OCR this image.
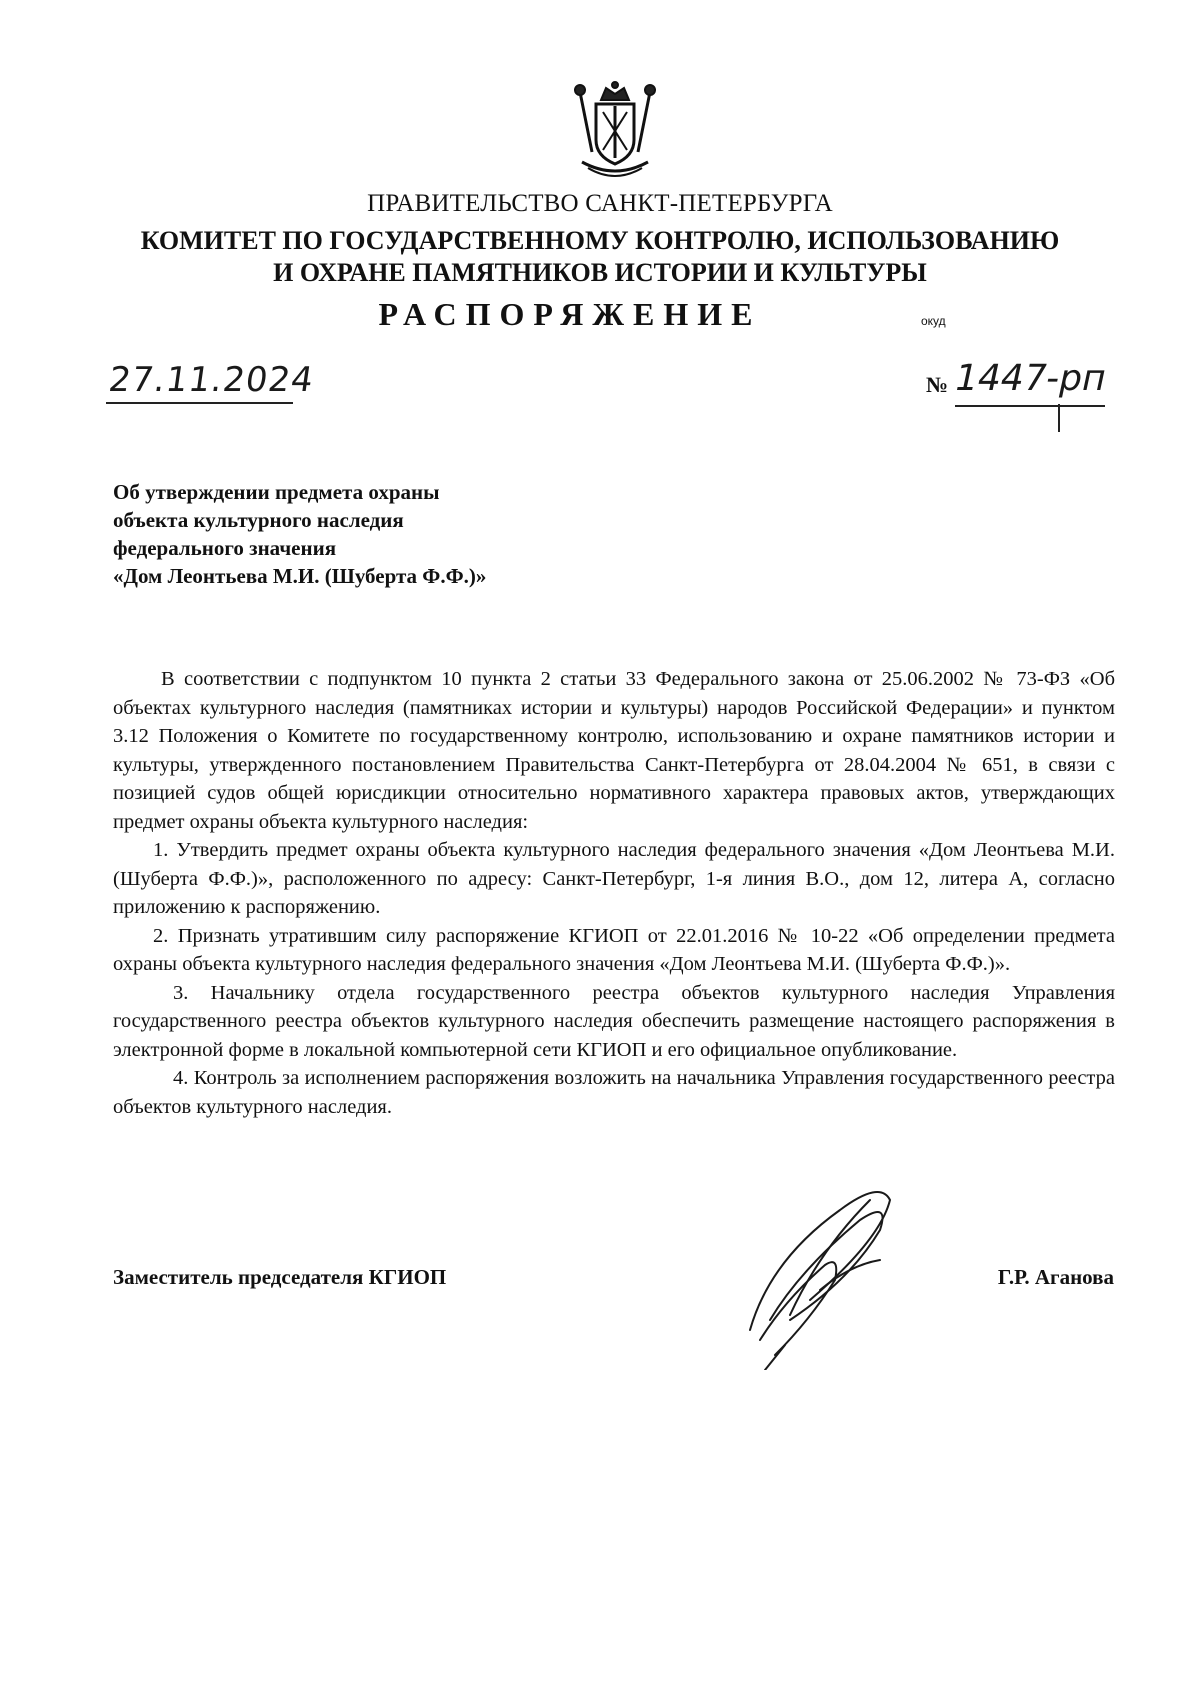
ПРАВИТЕЛЬСТВО САНКТ-ПЕТЕРБУРГА
КОМИТЕТ ПО ГОСУДАРСТВЕННОМУ КОНТРОЛЮ, ИСПОЛЬЗОВАНИЮ
И ОХРАНЕ ПАМЯТНИКОВ ИСТОРИИ И КУЛЬТУРЫ
РАСПОРЯЖЕНИЕ	окуд
27.11.2024	№ 1447-рп
Об утверждении предмета охраны
объекта культурного наследия
федерального значения
«Дом Леонтьева М.И. (Шуберта Ф.Ф.)»

В соответствии с подпунктом 10 пункта 2 статьи 33 Федерального закона от 25.06.2002 № 73-ФЗ «Об объектах культурного наследия (памятниках истории и культуры) народов Российской Федерации» и пунктом 3.12 Положения о Комитете по государственному контролю, использованию и охране памятников истории и культуры, утвержденного постановлением Правительства Санкт-Петербурга от 28.04.2004 № 651, в связи с позицией судов общей юрисдикции относительно нормативного характера правовых актов, утверждающих предмет охраны объекта культурного наследия:

1. Утвердить предмет охраны объекта культурного наследия федерального значения «Дом Леонтьева М.И. (Шуберта Ф.Ф.)», расположенного по адресу: Санкт-Петербург, 1-я линия В.О., дом 12, литера А, согласно приложению к распоряжению.

2. Признать утратившим силу распоряжение КГИОП от 22.01.2016 № 10-22 «Об определении предмета охраны объекта культурного наследия федерального значения «Дом Леонтьева М.И. (Шуберта Ф.Ф.)».

3. Начальнику отдела государственного реестра объектов культурного наследия Управления государственного реестра объектов культурного наследия обеспечить размещение настоящего распоряжения в электронной форме в локальной компьютерной сети КГИОП и его официальное опубликование.

4. Контроль за исполнением распоряжения возложить на начальника Управления государственного реестра объектов культурного наследия.

Заместитель председателя КГИОП	Г.Р. Аганова
